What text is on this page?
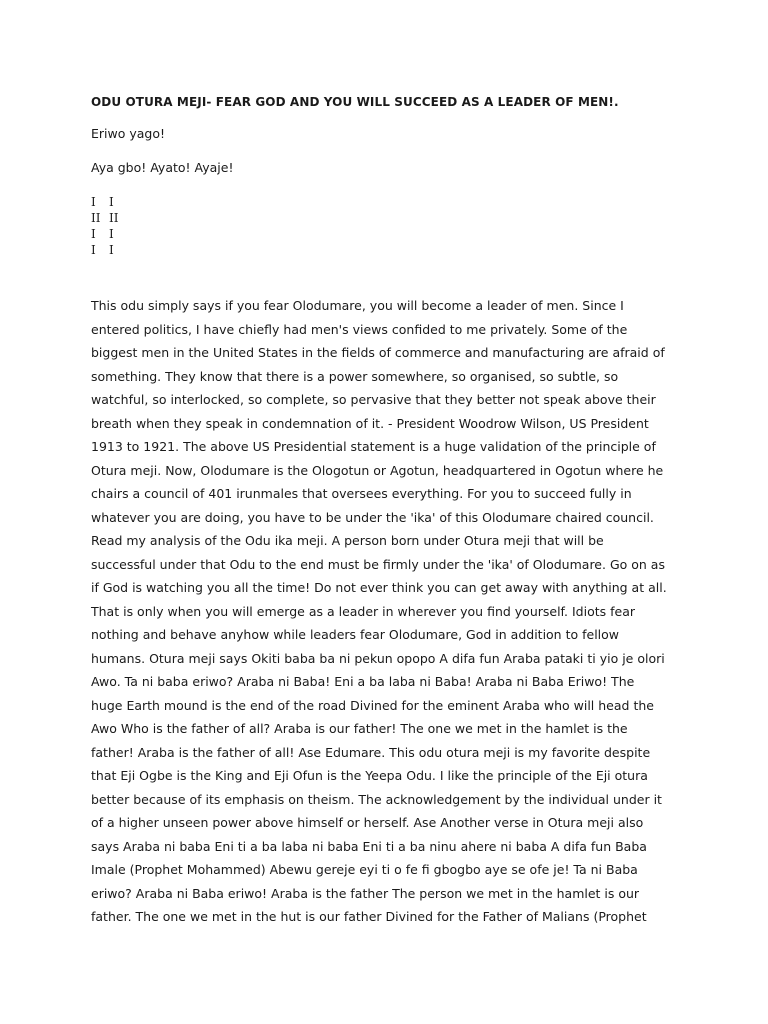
ODU OTURA MEJI- FEAR GOD AND YOU WILL SUCCEED AS A LEADER OF MEN!.

Eriwo yago!

Aya gbo! Ayato! Ayaje!

I	I
II II
I	I
I	I
This odu simply says if you fear Olodumare, you will become a leader of men. Since I
entered politics, I have chiefly had men's views confided to me privately. Some of the
biggest men in the United States in the fields of commerce and manufacturing are afraid of
something. They know that there is a power somewhere, so organised, so subtle, so
watchful, so interlocked, so complete, so pervasive that they better not speak above their
breath when they speak in condemnation of it. - President Woodrow Wilson, US President
1913 to 1921. The above US Presidential statement is a huge validation of the principle of
Otura meji. Now, Olodumare is the Ologotun or Agotun, headquartered in Ogotun where he
chairs a council of 401 irunmales that oversees everything. For you to succeed fully in
whatever you are doing, you have to be under the 'ika' of this Olodumare chaired council.
Read my analysis of the Odu ika meji. A person born under Otura meji that will be
successful under that Odu to the end must be firmly under the 'ika' of Olodumare. Go on as
if God is watching you all the time! Do not ever think you can get away with anything at all.
That is only when you will emerge as a leader in wherever you find yourself. Idiots fear
nothing and behave anyhow while leaders fear Olodumare, God in addition to fellow
humans. Otura meji says Okiti baba ba ni pekun opopo A difa fun Araba pataki ti yio je olori
Awo. Ta ni baba eriwo? Araba ni Baba! Eni a ba laba ni Baba! Araba ni Baba Eriwo! The
huge Earth mound is the end of the road Divined for the eminent Araba who will head the
Awo Who is the father of all? Araba is our father! The one we met in the hamlet is the
father! Araba is the father of all! Ase Edumare. This odu otura meji is my favorite despite
that Eji Ogbe is the King and Eji Ofun is the Yeepa Odu. I like the principle of the Eji otura
better because of its emphasis on theism. The acknowledgement by the individual under it
of a higher unseen power above himself or herself. Ase Another verse in Otura meji also
says Araba ni baba Eni ti a ba laba ni baba Eni ti a ba ninu ahere ni baba A difa fun Baba
Imale (Prophet Mohammed) Abewu gereje eyi ti o fe fi gbogbo aye se ofe je! Ta ni Baba
eriwo? Araba ni Baba eriwo! Araba is the father The person we met in the hamlet is our
father. The one we met in the hut is our father Divined for the Father of Malians (Prophet
